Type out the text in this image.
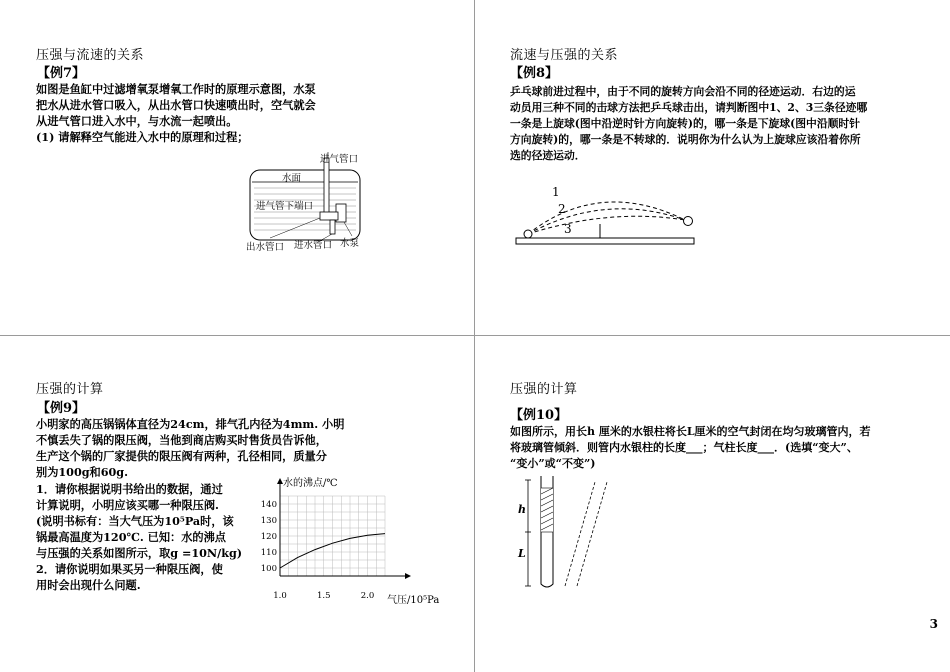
压强与流速的关系
【例7】

如图是鱼缸中过滤增氧泵增氧工作时的原理示意图，水泵

把水从进水管口吸入，从出水管口快速喷出时，空气就会

从进气管口进入水中，与水流一起喷出。

(1) 请解释空气能进入水中的原理和过程；

进气管口
水面
进气管下端口
出水管口 进水管口 水泵
流速与压强的关系
【例8】

乒乓球前进过程中，由于不同的旋转方向会沿不同的径迹运动．右边的运

动员用三种不同的击球方法把乒乓球击出，请判断图中1、2、3三条径迹哪

一条是上旋球(图中沿逆时针方向旋转)的，哪一条是下旋球(图中沿顺时针

方向旋转)的，哪一条是不转球的．说明你为什么认为上旋球应该沿着你所

选的径迹运动．

1
2
3
压强的计算
【例9】

小明家的高压锅锅体直径为24cm，排气孔内径为4mm. 小明

不慎丢失了锅的限压阀，当他到商店购买时售货员告诉他，

生产这个锅的厂家提供的限压阀有两种，孔径相同，质量分

别为100g和60g.

1．请你根据说明书给出的数据，通过

计算说明，小明应该买哪一种限压阀.

(说明书标有：当大气压为10⁵Pa时，该

锅最高温度为120℃. 已知：水的沸点

与压强的关系如图所示，取g =10N/kg)

2．请你说明如果买另一种限压阀，使

用时会出现什么问题.

100
110
120
130
140
1.0	1.5	2.0
水的沸点/℃
气压/10⁵Pa
压强的计算
【例10】

如图所示，用长h 厘米的水银柱将长L厘米的空气封闭在均匀玻璃管内，若

将玻璃管倾斜．则管内水银柱的长度___；气柱长度___．(选填“变大”、

“变小”或“不变”)

h
L
3
